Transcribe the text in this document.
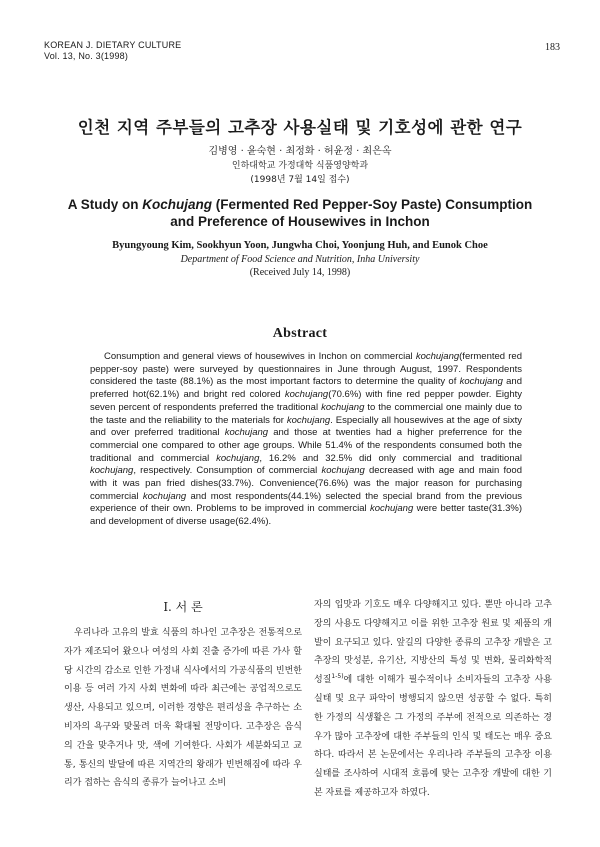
KOREAN J. DIETARY CULTURE
Vol. 13, No. 3(1998)
183
인천 지역 주부들의 고추장 사용실태 및 기호성에 관한 연구
김병영 · 윤숙현 · 최정화 · 허윤정 · 최은옥
인하대학교 가정대학 식품영양학과
(1998년 7월 14일 접수)
A Study on Kochujang (Fermented Red Pepper-Soy Paste) Consumption
and Preference of Housewives in Inchon
Byungyoung Kim, Sookhyun Yoon, Jungwha Choi, Yoonjung Huh, and Eunok Choe
Department of Food Science and Nutrition, Inha University
(Received July 14, 1998)
Abstract

Consumption and general views of housewives in Inchon on commercial kochujang(fermented red pepper-soy paste) were surveyed by questionnaires in June through August, 1997. Respondents considered the taste (88.1%) as the most important factors to determine the quality of kochujang and preferred hot(62.1%) and bright red colored kochujang(70.6%) with fine red pepper powder. Eighty seven percent of respondents preferred the traditional kochujang to the commercial one mainly due to the taste and the reliability to the materials for kochujang. Especially all housewives at the age of sixty and over preferred traditional kochujang and those at twenties had a higher preferrence for the commercial one compared to other age groups. While 51.4% of the respondents consumed both the traditional and commercial kochujang, 16.2% and 32.5% did only commercial and traditional kochujang, respectively. Consumption of commercial kochujang decreased with age and main food with it was pan fried dishes(33.7%). Convenience(76.6%) was the major reason for purchasing commercial kochujang and most respondents(44.1%) selected the special brand from the previous experience of their own. Problems to be improved in commercial kochujang were better taste(31.3%) and development of diverse usage(62.4%).

I. 서 론

우리나라 고유의 발효 식품의 하나인 고추장은 전통적으로 자가 제조되어 왔으나 여성의 사회 진출 증가에 따른 가사 할당 시간의 감소로 인한 가정내 식사에서의 가공식품의 빈번한 이용 등 여러 가지 사회 변화에 따라 최근에는 공업적으로도 생산, 사용되고 있으며, 이러한 경향은 편리성을 추구하는 소비자의 욕구와 맞물려 더욱 확대될 전망이다. 고추장은 음식의 간을 맞추거나 맛, 색에 기여한다. 사회가 세분화되고 교통, 통신의 발달에 따른 지역간의 왕래가 빈번해짐에 따라 우리가 접하는 음식의 종류가 늘어나고 소비

자의 입맛과 기호도 매우 다양해지고 있다. 뿐만 아니라 고추장의 사용도 다양해지고 이를 위한 고추장 원료 및 제품의 개발이 요구되고 있다. 앞길의 다양한 종류의 고추장 개발은 고추장의 맛성분, 유기산, 지방산의 특성 및 변화, 물리화학적 성질$^{1-5)}$에 대한 이해가 필수적이나 소비자들의 고추장 사용 실태 및 요구 파악이 병행되지 않으면 성공할 수 없다. 특히 한 가정의 식생활은 그 가정의 주부에 전적으로 의존하는 경우가 많아 고추장에 대한 주부들의 인식 및 태도는 매우 중요하다. 따라서 본 논문에서는 우리나라 주부들의 고추장 이용실태를 조사하여 시대적 흐름에 맞는 고추장 개발에 대한 기본 자료를 제공하고자 하였다.
